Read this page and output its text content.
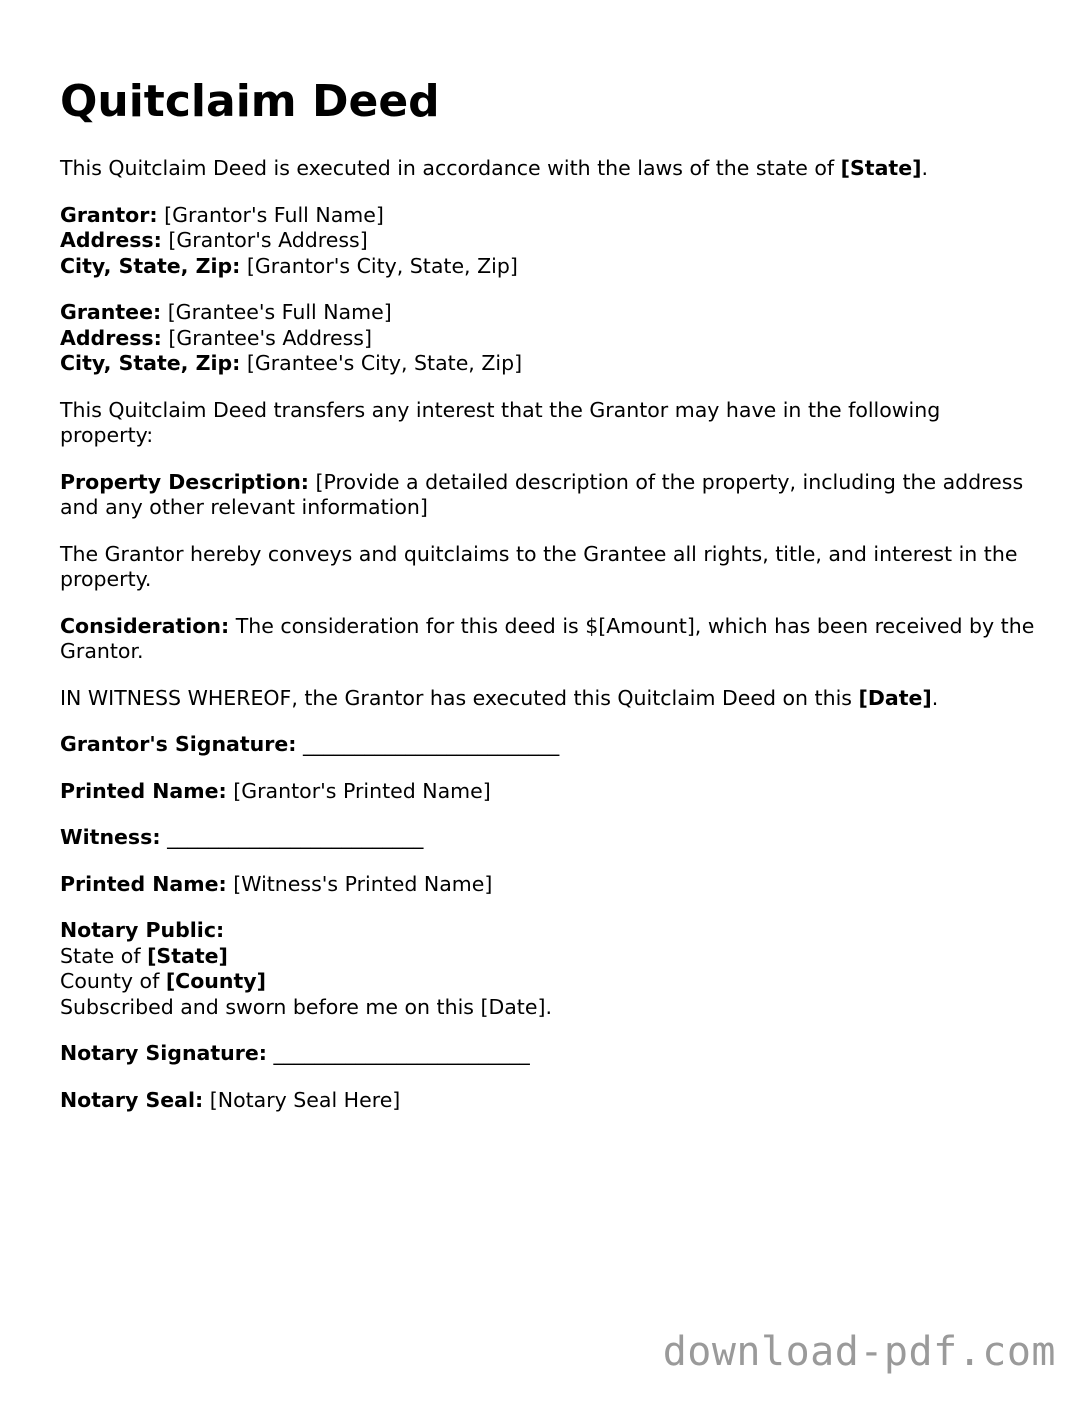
Quitclaim Deed

This Quitclaim Deed is executed in accordance with the laws of the state of [State].

Grantor: [Grantor's Full Name]
Address: [Grantor's Address]
City, State, Zip: [Grantor's City, State, Zip]

Grantee: [Grantee's Full Name]
Address: [Grantee's Address]
City, State, Zip: [Grantee's City, State, Zip]

This Quitclaim Deed transfers any interest that the Grantor may have in the following property:

Property Description: [Provide a detailed description of the property, including the address and any other relevant information]

The Grantor hereby conveys and quitclaims to the Grantee all rights, title, and interest in the property.

Consideration: The consideration for this deed is $[Amount], which has been received by the Grantor.

IN WITNESS WHEREOF, the Grantor has executed this Quitclaim Deed on this [Date].

Grantor's Signature: _________________________

Printed Name: [Grantor's Printed Name]

Witness: _________________________

Printed Name: [Witness's Printed Name]

Notary Public:
State of [State]
County of [County]
Subscribed and sworn before me on this [Date].

Notary Signature: _________________________

Notary Seal: [Notary Seal Here]

download-pdf.com
